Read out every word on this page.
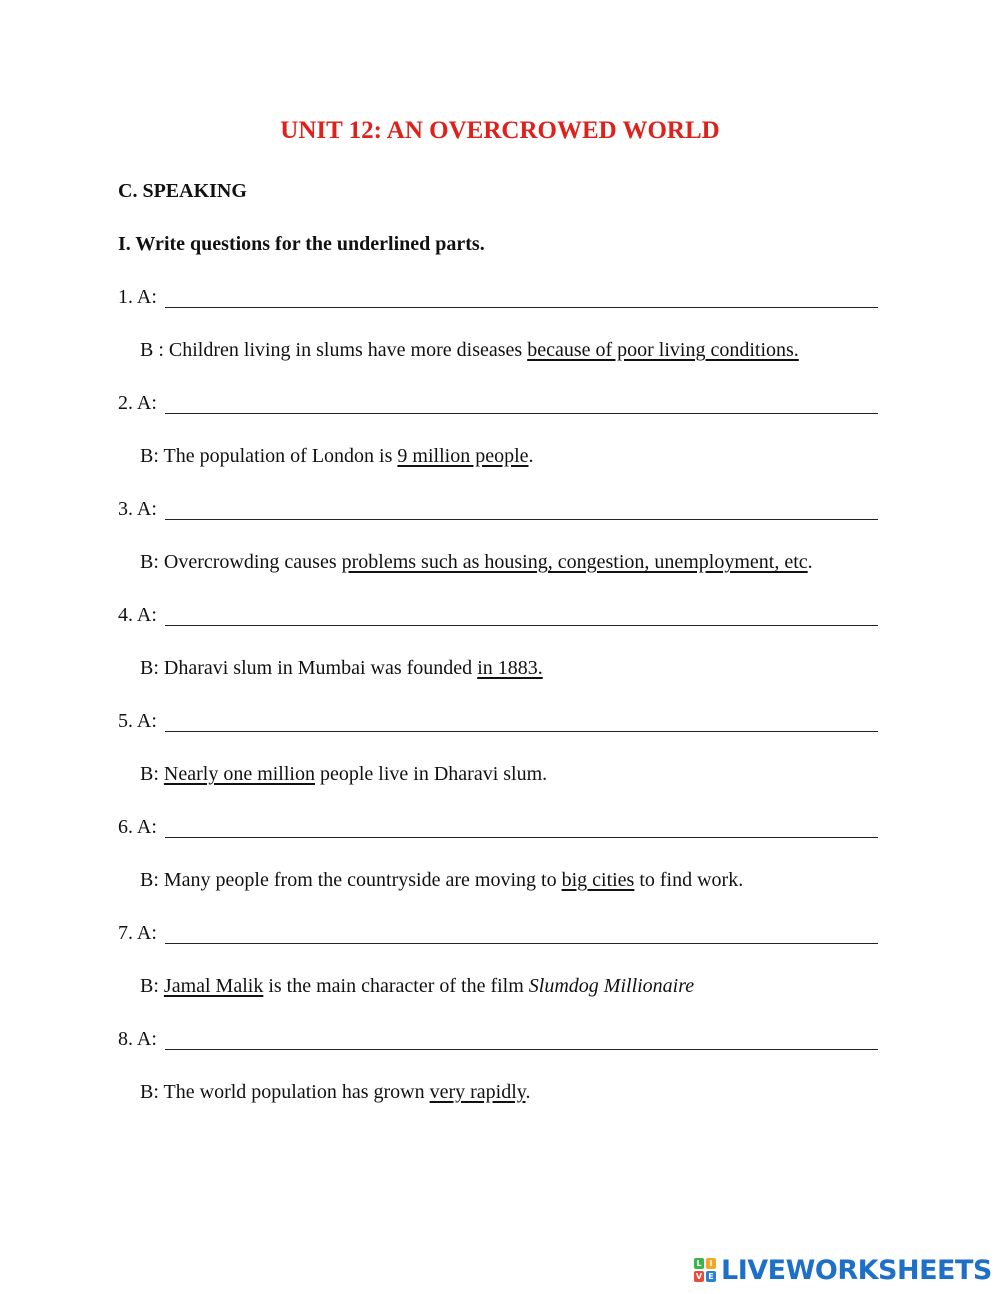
UNIT 12: AN OVERCROWED WORLD
C. SPEAKING
I. Write questions for the underlined parts.
1. A:
B : Children living in slums have more diseases because of poor living conditions.
2. A:
B: The population of London is 9 million people.
3. A:
B: Overcrowding causes problems such as housing, congestion, unemployment, etc.
4. A:
B: Dharavi slum in Mumbai was founded in 1883.
5. A:
B: Nearly one million people live in Dharavi slum.
6. A:
B: Many people from the countryside are moving to big cities to find work.
7. A:
B: Jamal Malik is the main character of the film Slumdog Millionaire
8. A:
B: The world population has grown very rapidly.
L I
V E LIVEWORKSHEETS
